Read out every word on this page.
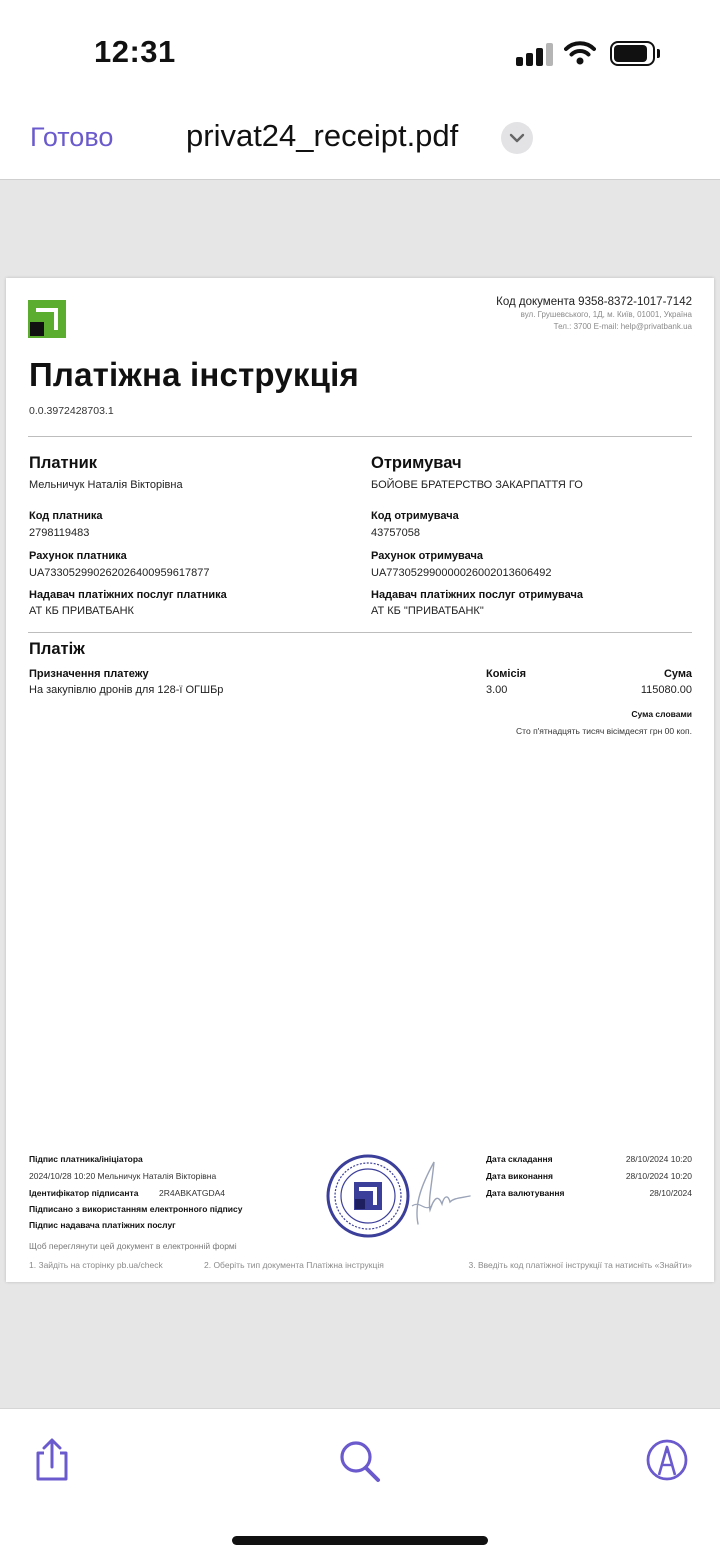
12:31
Готово privat24_receipt.pdf
Код документа 9358-8372-1017-7142
вул. Грушевського, 1Д, м. Київ, 01001, Україна
Тел.: 3700 E-mail: help@privatbank.ua
Платіжна інструкція
0.0.3972428703.1
Платник
Мельничук Наталія Вікторівна
Код платника
2798119483
Рахунок платника
UA733052990262026400959617877
Надавач платіжних послуг платника
АТ КБ ПРИВАТБАНК
Отримувач
БОЙОВЕ БРАТЕРСТВО ЗАКАРПАТТЯ ГО
Код отримувача
43757058
Рахунок отримувача
UA773052990000026002013606492
Надавач платіжних послуг отримувача
АТ КБ "ПРИВАТБАНК"
Платіж
Призначення платежу
На закупівлю дронів для 128-ї ОГШБр
Комісія
3.00
Сума
115080.00
Сума словами
Сто п'ятнадцять тисяч вісімдесят грн 00 коп.
Підпис платника/ініціатора
2024/10/28 10:20 Мельничук Наталія Вікторівна
Ідентифікатор підписанта 2R4ABKATGDA4
Підписано з використанням електронного підпису
Підпис надавача платіжних послуг
Дата складання	28/10/2024 10:20
Дата виконання	28/10/2024 10:20
Дата валютування	28/10/2024
Щоб переглянути цей документ в електронній формі
1. Зайдіть на сторінку pb.ua/check	2. Оберіть тип документа Платіжна інструкція	3. Введіть код платіжної інструкції та натисніть «Знайти»
